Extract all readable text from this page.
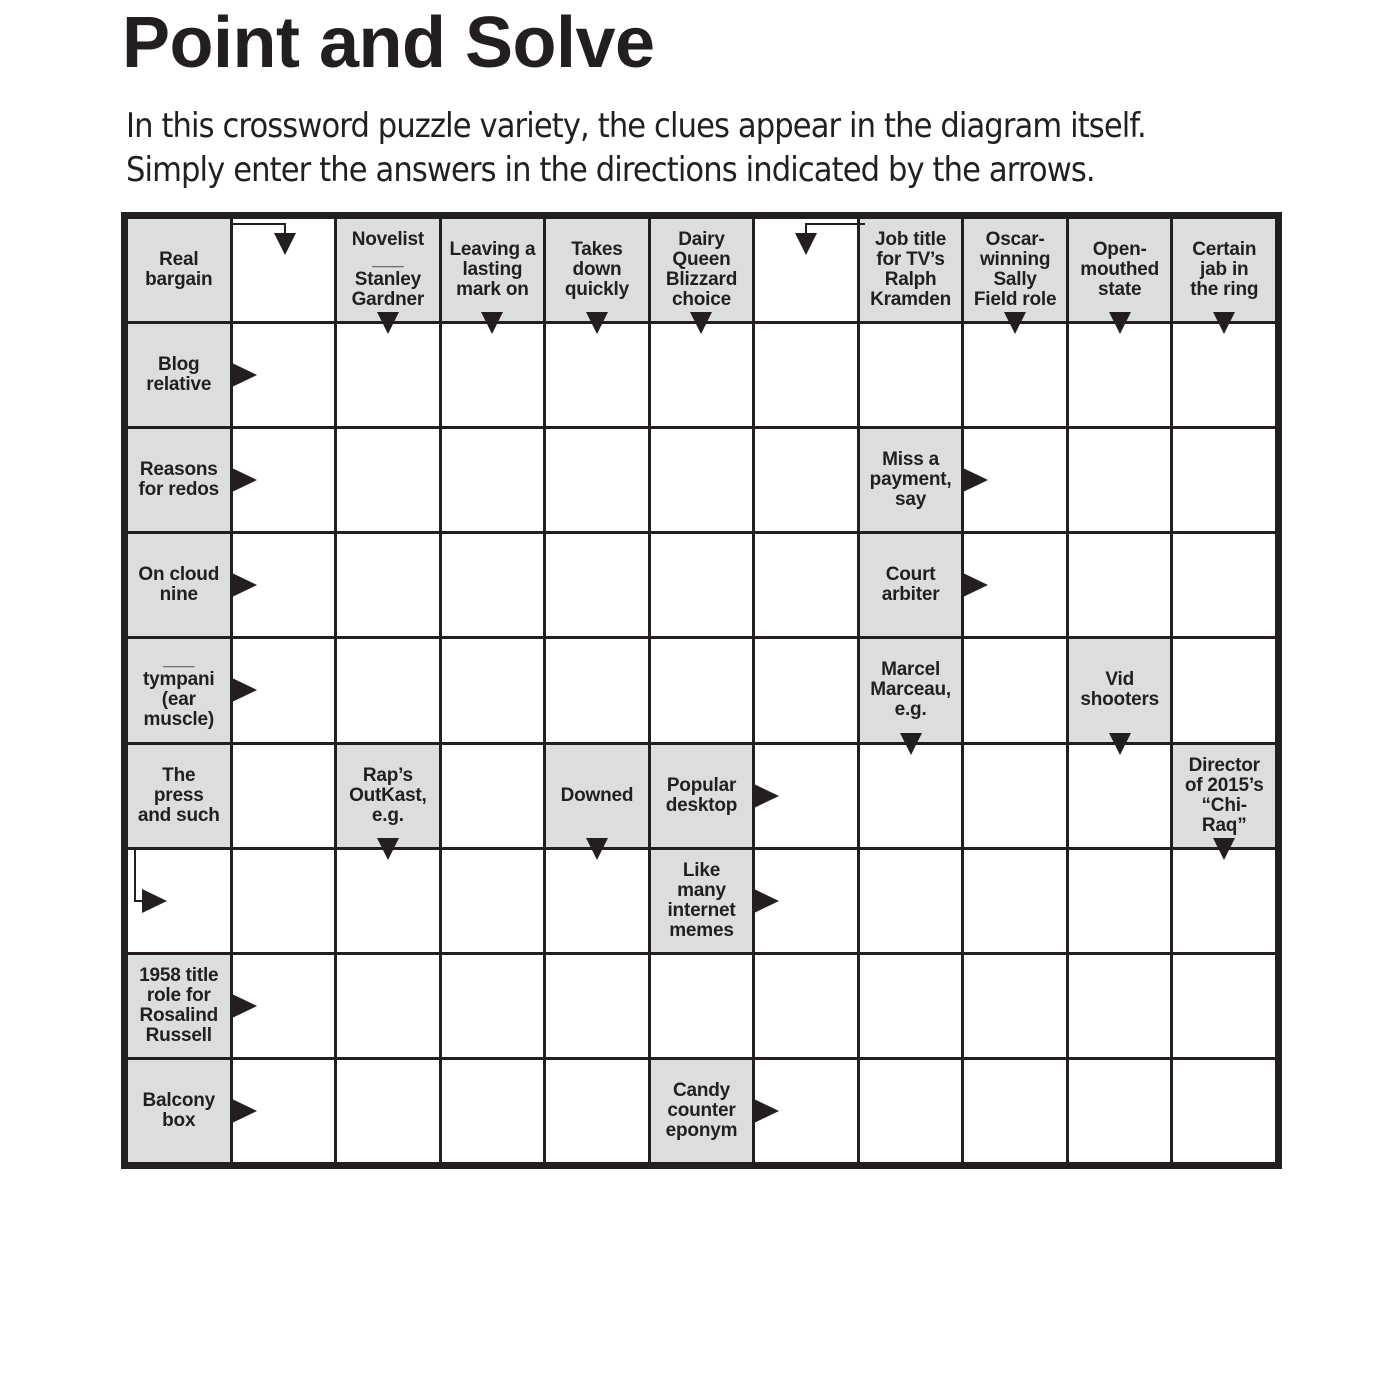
Point and Solve

In this crossword puzzle variety, the clues appear in the diagram itself.
Simply enter the answers in the directions indicated by the arrows.

Real
bargain
Novelist
___
Stanley
Gardner
Leaving a
lasting
mark on
Takes
down
quickly
Dairy
Queen
Blizzard
choice
Job title
for TV’s
Ralph
Kramden
Oscar-
winning
Sally
Field role
Open-
mouthed
state
Certain
jab in
the ring
Blog
relative
Reasons
for redos
Miss a
payment,
say
On cloud
nine
Court
arbiter
___
tympani
(ear
muscle)
Marcel
Marceau,
e.g.
Vid
shooters
The
press
and such
Rap’s
OutKast,
e.g.
Downed Popular
desktop
Director
of 2015’s
“Chi-
Raq”
Like
many
internet
memes
1958 title
role for
Rosalind
Russell
Balcony
box
Candy
counter
eponym
